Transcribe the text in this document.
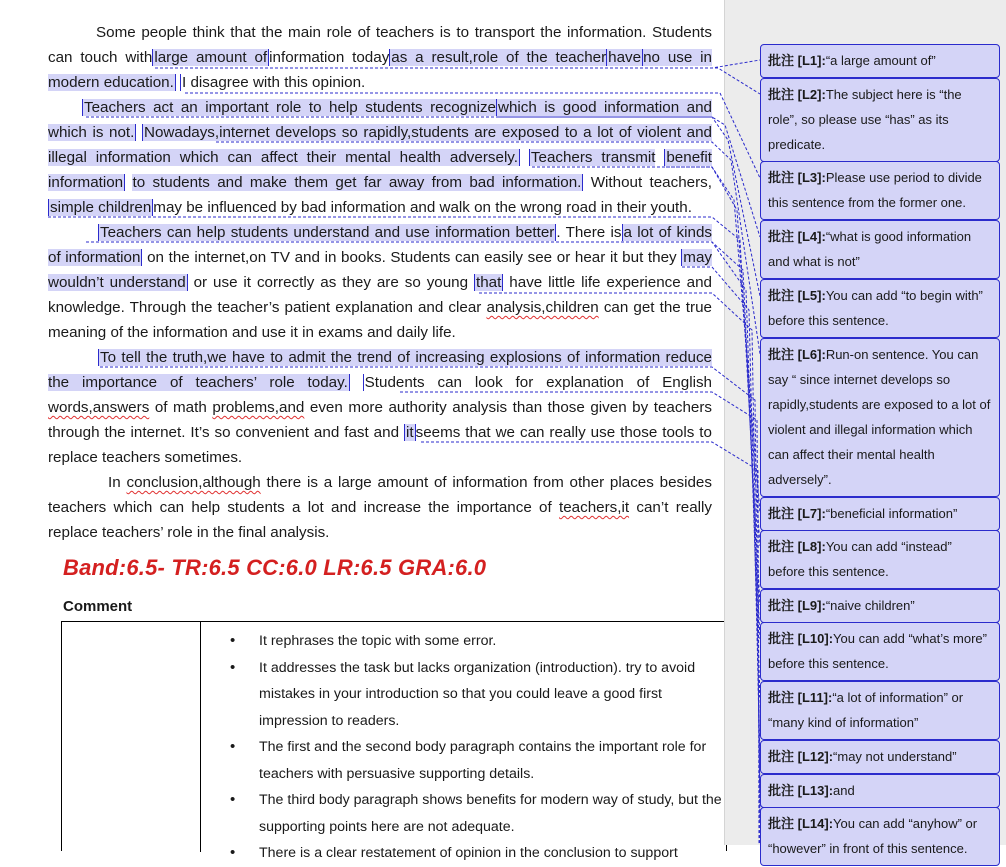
Some people think that the main role of teachers is to transport the information. Students can touch with large amount of information today as a result,role of the teacher have no use in modern education. I disagree with this opinion.

Teachers act an important role to help students recognize which is good information and which is not. Nowadays,internet develops so rapidly,students are exposed to a lot of violent and illegal information which can affect their mental health adversely. Teachers transmit benefit information to students and make them get far away from bad information. Without teachers, simple children may be influenced by bad information and walk on the wrong road in their youth.

Teachers can help students understand and use information better . There is a lot of kinds of information on the internet,on TV and in books. Students can easily see or hear it but they may wouldn’t understand or use it correctly as they are so young that have little life experience and knowledge. Through the teacher’s patient explanation and clear analysis,children can get the true meaning of the information and use it in exams and daily life.

To tell the truth,we have to admit the trend of increasing explosions of information reduce the importance of teachers’ role today. Students can look for explanation of English words,answers of math problems,and even more authority analysis than those given by teachers through the internet. It’s so convenient and fast and it seems that we can really use those tools to replace teachers sometimes.

In conclusion,although there is a large amount of information from other places besides teachers which can help students a lot and increase the importance of teachers,it can’t really replace teachers’ role in the final analysis.

Band:6.5- TR:6.5 CC:6.0 LR:6.5 GRA:6.0
Comment
• It rephrases the topic with some error.
• It addresses the task but lacks organization (introduction). try to avoid mistakes in your introduction so that you could leave a good first impression to readers.
• The first and the second body paragraph contains the important role for teachers with persuasive supporting details.
• The third body paragraph shows benefits for modern way of study, but the supporting points here are not adequate.
• There is a clear restatement of opinion in the conclusion to support
批注 [L1]:“a large amount of”
批注 [L2]:The subject here is “the role”, so please use “has” as its predicate.
批注 [L3]:Please use period to divide this sentence from the former one.
批注 [L4]:“what is good information and what is not”
批注 [L5]:You can add “to begin with” before this sentence.
批注 [L6]:Run-on sentence. You can say “ since internet develops so rapidly,students are exposed to a lot of violent and illegal information which can affect their mental health adversely”.
批注 [L7]:“beneficial information”
批注 [L8]:You can add “instead” before this sentence.
批注 [L9]:“naive children”
批注 [L10]:You can add “what’s more” before this sentence.
批注 [L11]:“a lot of information” or “many kind of information”
批注 [L12]:“may not understand”
批注 [L13]:and
批注 [L14]:You can add “anyhow” or “however” in front of this sentence.
